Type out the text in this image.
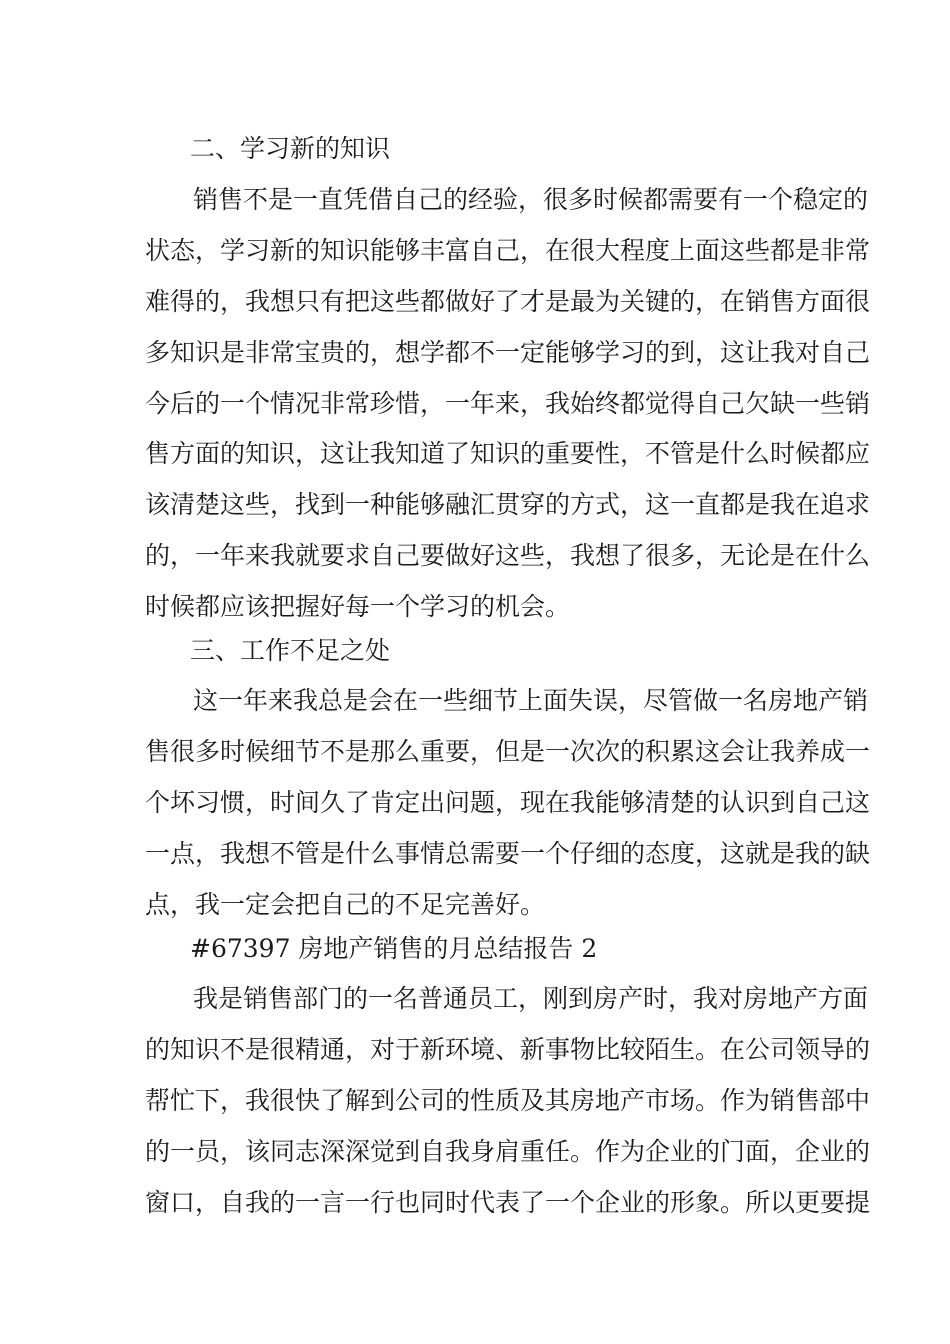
二、学习新的知识

销售不是一直凭借自己的经验，很多时候都需要有一个稳定的

状态，学习新的知识能够丰富自己，在很大程度上面这些都是非常

难得的，我想只有把这些都做好了才是最为关键的，在销售方面很

多知识是非常宝贵的，想学都不一定能够学习的到，这让我对自己

今后的一个情况非常珍惜，一年来，我始终都觉得自己欠缺一些销

售方面的知识，这让我知道了知识的重要性，不管是什么时候都应

该清楚这些，找到一种能够融汇贯穿的方式，这一直都是我在追求

的，一年来我就要求自己要做好这些，我想了很多，无论是在什么

时候都应该把握好每一个学习的机会。

三、工作不足之处

这一年来我总是会在一些细节上面失误，尽管做一名房地产销

售很多时候细节不是那么重要，但是一次次的积累这会让我养成一

个坏习惯，时间久了肯定出问题，现在我能够清楚的认识到自己这

一点，我想不管是什么事情总需要一个仔细的态度，这就是我的缺

点，我一定会把自己的不足完善好。

#67397 房地产销售的月总结报告 2

我是销售部门的一名普通员工，刚到房产时，我对房地产方面

的知识不是很精通，对于新环境、新事物比较陌生。在公司领导的

帮忙下，我很快了解到公司的性质及其房地产市场。作为销售部中

的一员，该同志深深觉到自我身肩重任。作为企业的门面，企业的

窗口，自我的一言一行也同时代表了一个企业的形象。所以更要提
